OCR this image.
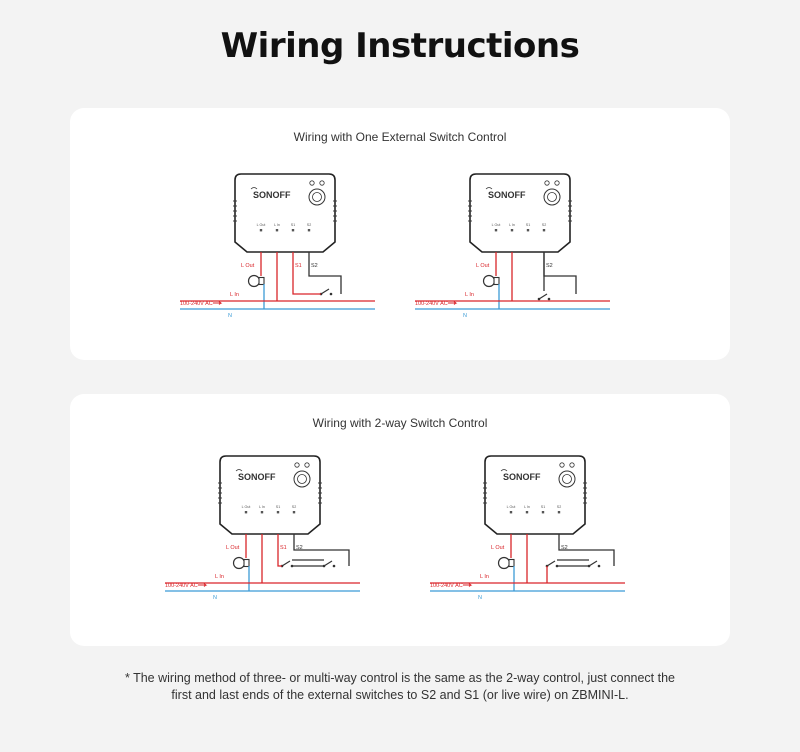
Wiring Instructions
Wiring with One External Switch Control
SONOFF
L Out L In	S1	S2
L Out
L In
100-240V AC
N
S2
S1
SONOFF
L Out L In	S1	S2
L Out
L In
100-240V AC
N
S2
Wiring with 2-way Switch Control
SONOFF
L Out L In	S1	S2
L Out
L In
100-240V AC
N
S2
S1
SONOFF
L Out L In	S1	S2
L Out
L In
100-240V AC
N
S2
* The wiring method of three- or multi-way control is the same as the 2-way control, just connect the
first and last ends of the external switches to S2 and S1 (or live wire) on ZBMINI-L.
